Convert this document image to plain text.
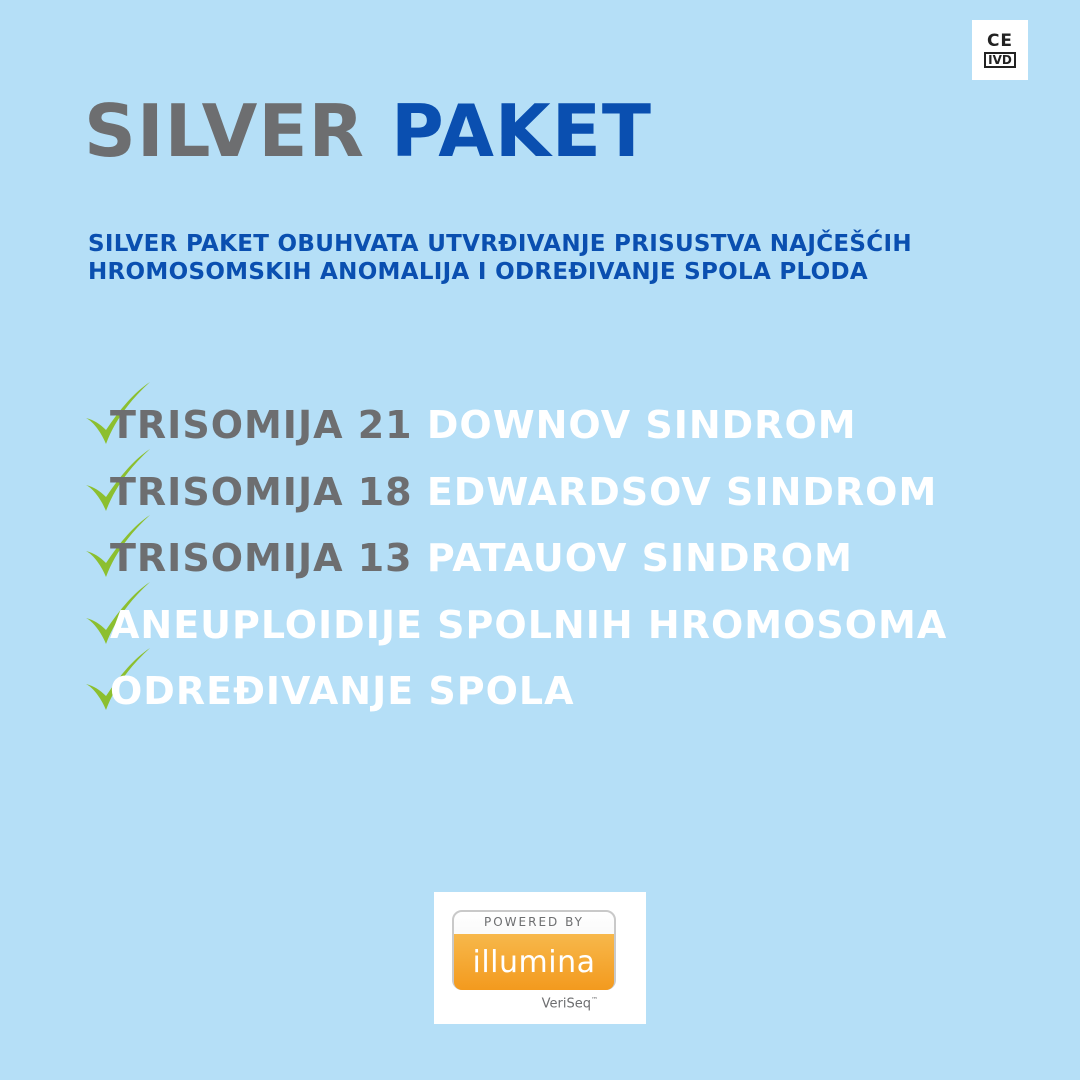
CE
IVD
SILVER PAKET
SILVER PAKET OBUHVATA UTVRĐIVANJE PRISUSTVA NAJČEŠĆIH
HROMOSOMSKIH ANOMALIJA I ODREĐIVANJE SPOLA PLODA
TRISOMIJA 21 DOWNOV SINDROM
TRISOMIJA 18 EDWARDSOV SINDROM
TRISOMIJA 13 PATAUOV SINDROM
ANEUPLOIDIJE SPOLNIH HROMOSOMA
ODREĐIVANJE SPOLA
POWERED BY
illumina
VeriSeq™
